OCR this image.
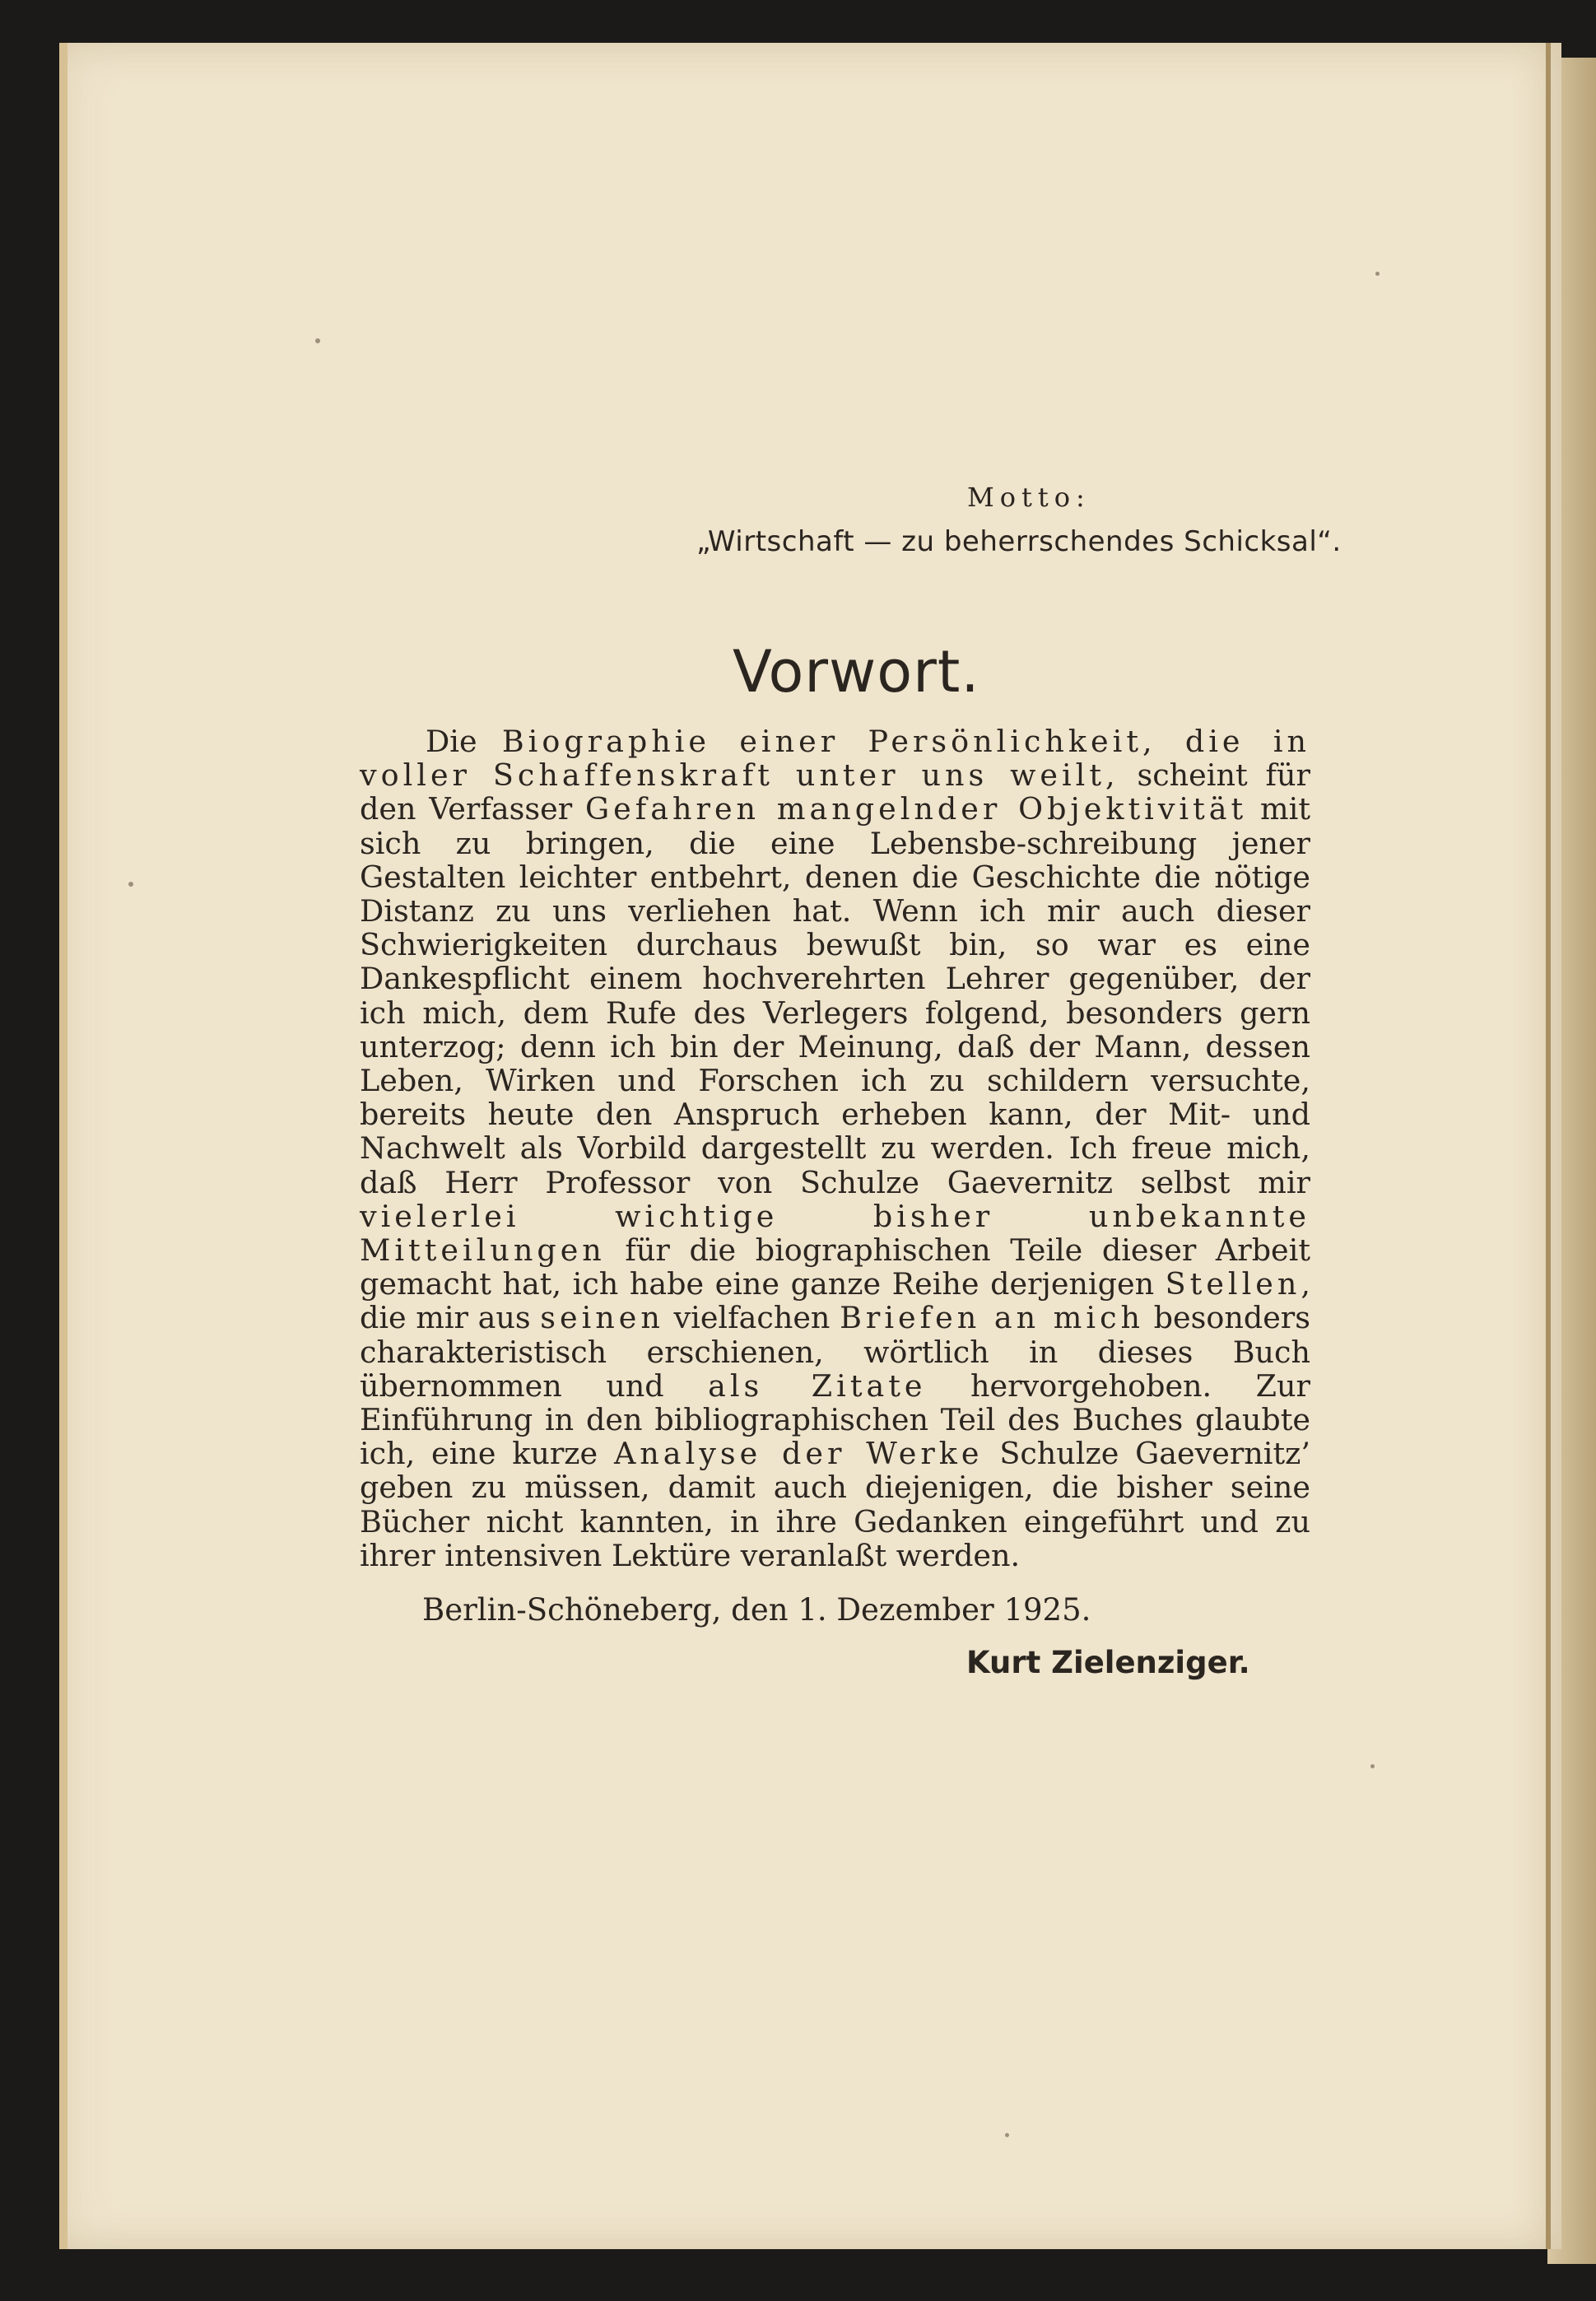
Motto:
„Wirtschaft — zu beherrschendes Schicksal“.
Vorwort.

Die Biographie einer Persönlichkeit, die in voller Schaffenskraft unter uns weilt, scheint für den Verfasser Gefahren mangelnder Objektivität mit sich zu bringen, die eine Lebensbe-schreibung jener Gestalten leichter entbehrt, denen die Geschichte die nötige Distanz zu uns verliehen hat. Wenn ich mir auch dieser Schwierigkeiten durchaus bewußt bin, so war es eine Dankespflicht einem hochverehrten Lehrer gegenüber, der ich mich, dem Rufe des Verlegers folgend, besonders gern unterzog; denn ich bin der Meinung, daß der Mann, dessen Leben, Wirken und Forschen ich zu schildern versuchte, bereits heute den Anspruch erheben kann, der Mit- und Nachwelt als Vorbild dargestellt zu werden. Ich freue mich, daß Herr Professor von Schulze Gaevernitz selbst mir vielerlei wichtige bisher unbekannte Mitteilungen für die biographischen Teile dieser Arbeit gemacht hat, ich habe eine ganze Reihe derjenigen Stellen, die mir aus seinen vielfachen Briefen an mich besonders charakteristisch erschienen, wörtlich in dieses Buch übernommen und als Zitate hervorgehoben. Zur Einführung in den bibliographischen Teil des Buches glaubte ich, eine kurze Analyse der Werke Schulze Gaevernitz’ geben zu müssen, damit auch diejenigen, die bisher seine Bücher nicht kannten, in ihre Gedanken eingeführt und zu ihrer intensiven Lektüre veranlaßt werden.

Berlin-Schöneberg, den 1. Dezember 1925.
Kurt Zielenziger.
